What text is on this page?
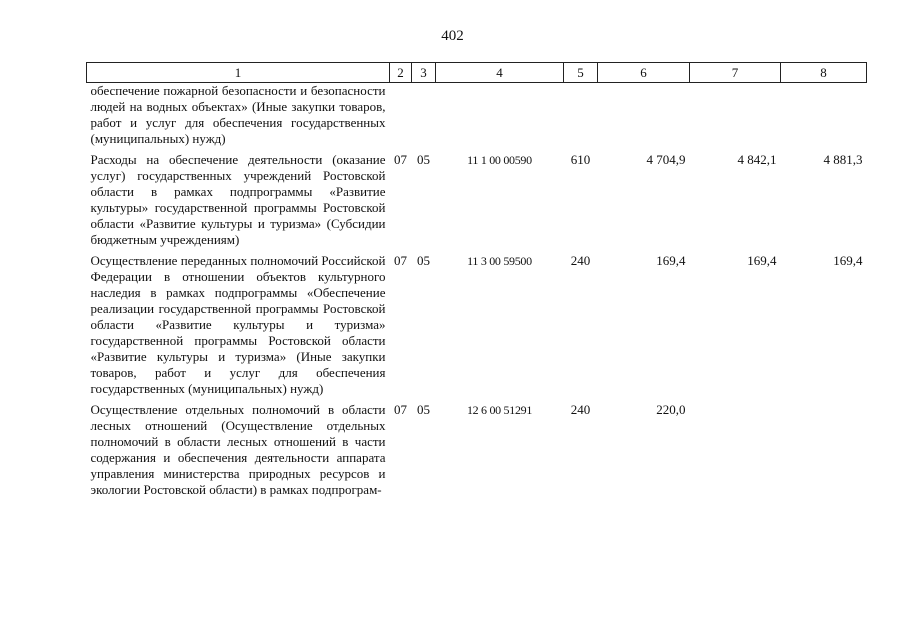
402
1	2	3	4	5	6	7	8
обеспечение пожарной безопасности и безопасности людей на водных объектах» (Иные закупки товаров, работ и услуг для обеспечения государственных (муниципальных) нужд)							
Расходы на обеспечение деятельности (оказание услуг) государственных учреждений Ростовской области в рамках подпрограммы «Развитие культуры» государственной программы Ростовской области «Развитие культуры и туризма» (Субсидии бюджетным учреждениям)	07	05	11 1 00 00590	610	4 704,9	4 842,1	4 881,3
Осуществление переданных полномочий Российской Федерации в отношении объектов культурного наследия в рамках подпрограммы «Обеспечение реализации государственной программы Ростовской области «Развитие культуры и туризма» государственной программы Ростовской области «Развитие культуры и туризма» (Иные закупки товаров, работ и услуг для обеспечения государственных (муниципальных) нужд)	07	05	11 3 00 59500	240	169,4	169,4	169,4
Осуществление отдельных полномочий в области лесных отношений (Осуществление отдельных полномочий в области лесных отношений в части содержания и обеспечения деятельности аппарата управления министерства природных ресурсов и экологии Ростовской области) в рамках подпрограм-	07	05	12 6 00 51291	240	220,0		
